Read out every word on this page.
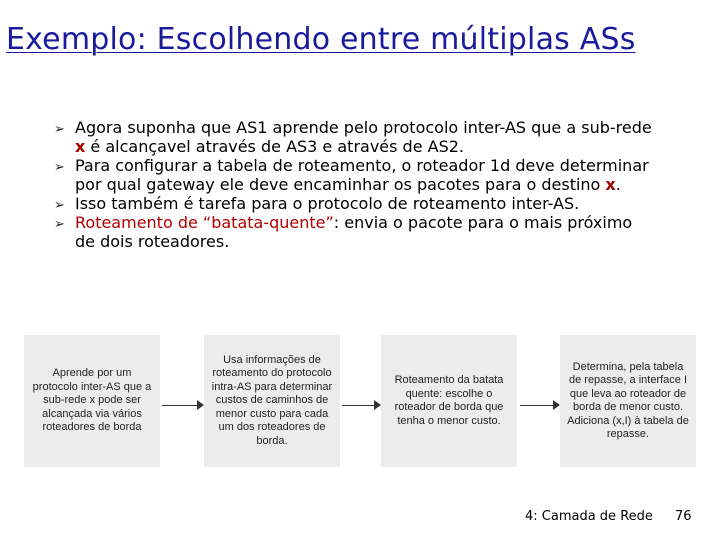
Exemplo: Escolhendo entre múltiplas ASs
➢ Agora suponha que AS1 aprende pelo protocolo inter-AS que a sub-rede x é alcançavel através de AS3 e através de AS2.
➢ Para configurar a tabela de roteamento, o roteador 1d deve determinar por qual gateway ele deve encaminhar os pacotes para o destino x.
➢ Isso também é tarefa para o protocolo de roteamento inter-AS.
➢ Roteamento de “batata-quente”: envia o pacote para o mais próximo de dois roteadores.
Aprende por um protocolo inter-AS que a sub-rede x pode ser alcançada via vários roteadores de borda
Usa informações de roteamento do protocolo intra-AS para determinar custos de caminhos de menor custo para cada um dos roteadores de borda.
Roteamento da batata quente: escolhe o roteador de borda que tenha o menor custo.
Determina, pela tabela de repasse, a interface I que leva ao roteador de borda de menor custo. Adiciona (x,I) à tabela de repasse.
4: Camada de Rede 76
